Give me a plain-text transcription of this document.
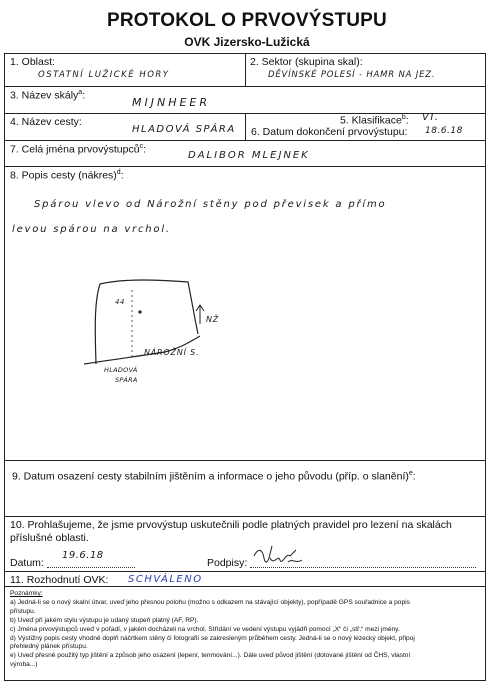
PROTOKOL O PRVOVÝSTUPU
OVK Jizersko-Lužická
1. Oblast:
OSTATNÍ LUŽICKÉ HORY
2. Sektor (skupina skal):
DĚVÍNSKÉ POLESÍ - HAMR NA JEZ.
3. Název skály$^a$:
MIJNHEER
4. Název cesty:
HLADOVÁ SPÁRA
5. Klasifikace$^b$: VI.
6. Datum dokončení prvovýstupu: 18.6.18
7. Celá jména prvovýstupců$^c$:	DALIBOR MLEJNEK
8. Popis cesty (nákres)$^d$:
Spárou vlevo od Nárožní stěny pod převisek a přímo
levou spárou na vrchol.
44
NŽ
NÁROŽNÍ S.
HLADOVÁ
SPÁRA
9. Datum osazení cesty stabilním jištěním a informace o jeho původu (příp. o slanění)$^e$:
10. Prohlašujeme, že jsme prvovýstup uskutečnili podle platných pravidel pro lezení na skalách
příslušné oblasti.
Datum:
19.6.18
Podpisy:
11. Rozhodnutí OVK: SCHVÁLENO
Poznámky:
a) Jedná-li se o nový skalní útvar, uveď jeho přesnou polohu (možno s odkazem na stávající objekty), popřípadě GPS souřadnice a popis
přístupu.
b) Uveď při jakém stylu výstupu je udaný stupeň platný (AF, RP).
c) Jména prvovýstupců uveď v pořadí, v jakém docházeli na vrchol. Střídání ve vedení výstupu vyjádři pomocí „X“ či „stř.“ mezi jmény.
d) Výstižný popis cesty vhodně doplň náčrtkem stěny či fotografií se zakresleným průběhem cesty. Jedná-li se o nový lezecký objekt, připoj
přehledný plánek přístupu.
e) Uveď přesně použitý typ jištění a způsob jeho osazení (lepení, tenmování...). Dále uveď původ jištění (dotované jištění od ČHS, vlastní
výroba...)
